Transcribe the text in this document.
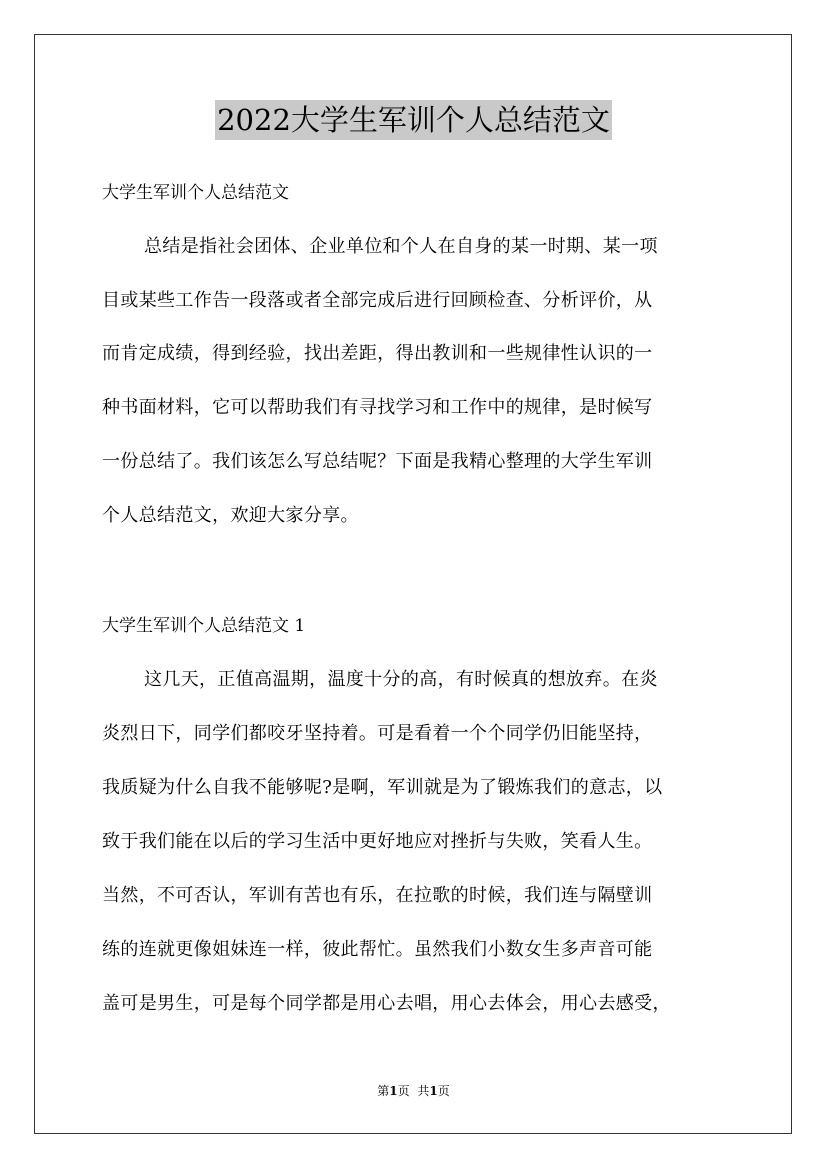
2022大学生军训个人总结范文
大学生军训个人总结范文

总结是指社会团体、企业单位和个人在自身的某一时期、某一项

目或某些工作告一段落或者全部完成后进行回顾检查、分析评价，从

而肯定成绩，得到经验，找出差距，得出教训和一些规律性认识的一

种书面材料，它可以帮助我们有寻找学习和工作中的规律，是时候写

一份总结了。我们该怎么写总结呢？下面是我精心整理的大学生军训

个人总结范文，欢迎大家分享。

大学生军训个人总结范文 1

这几天，正值高温期，温度十分的高，有时候真的想放弃。在炎

炎烈日下，同学们都咬牙坚持着。可是看着一个个同学仍旧能坚持，

我质疑为什么自我不能够呢?是啊，军训就是为了锻炼我们的意志，以

致于我们能在以后的学习生活中更好地应对挫折与失败，笑看人生。

当然，不可否认，军训有苦也有乐，在拉歌的时候，我们连与隔壁训

练的连就更像姐妹连一样，彼此帮忙。虽然我们小数女生多声音可能

盖可是男生，可是每个同学都是用心去唱，用心去体会，用心去感受，

第1页 共1页
